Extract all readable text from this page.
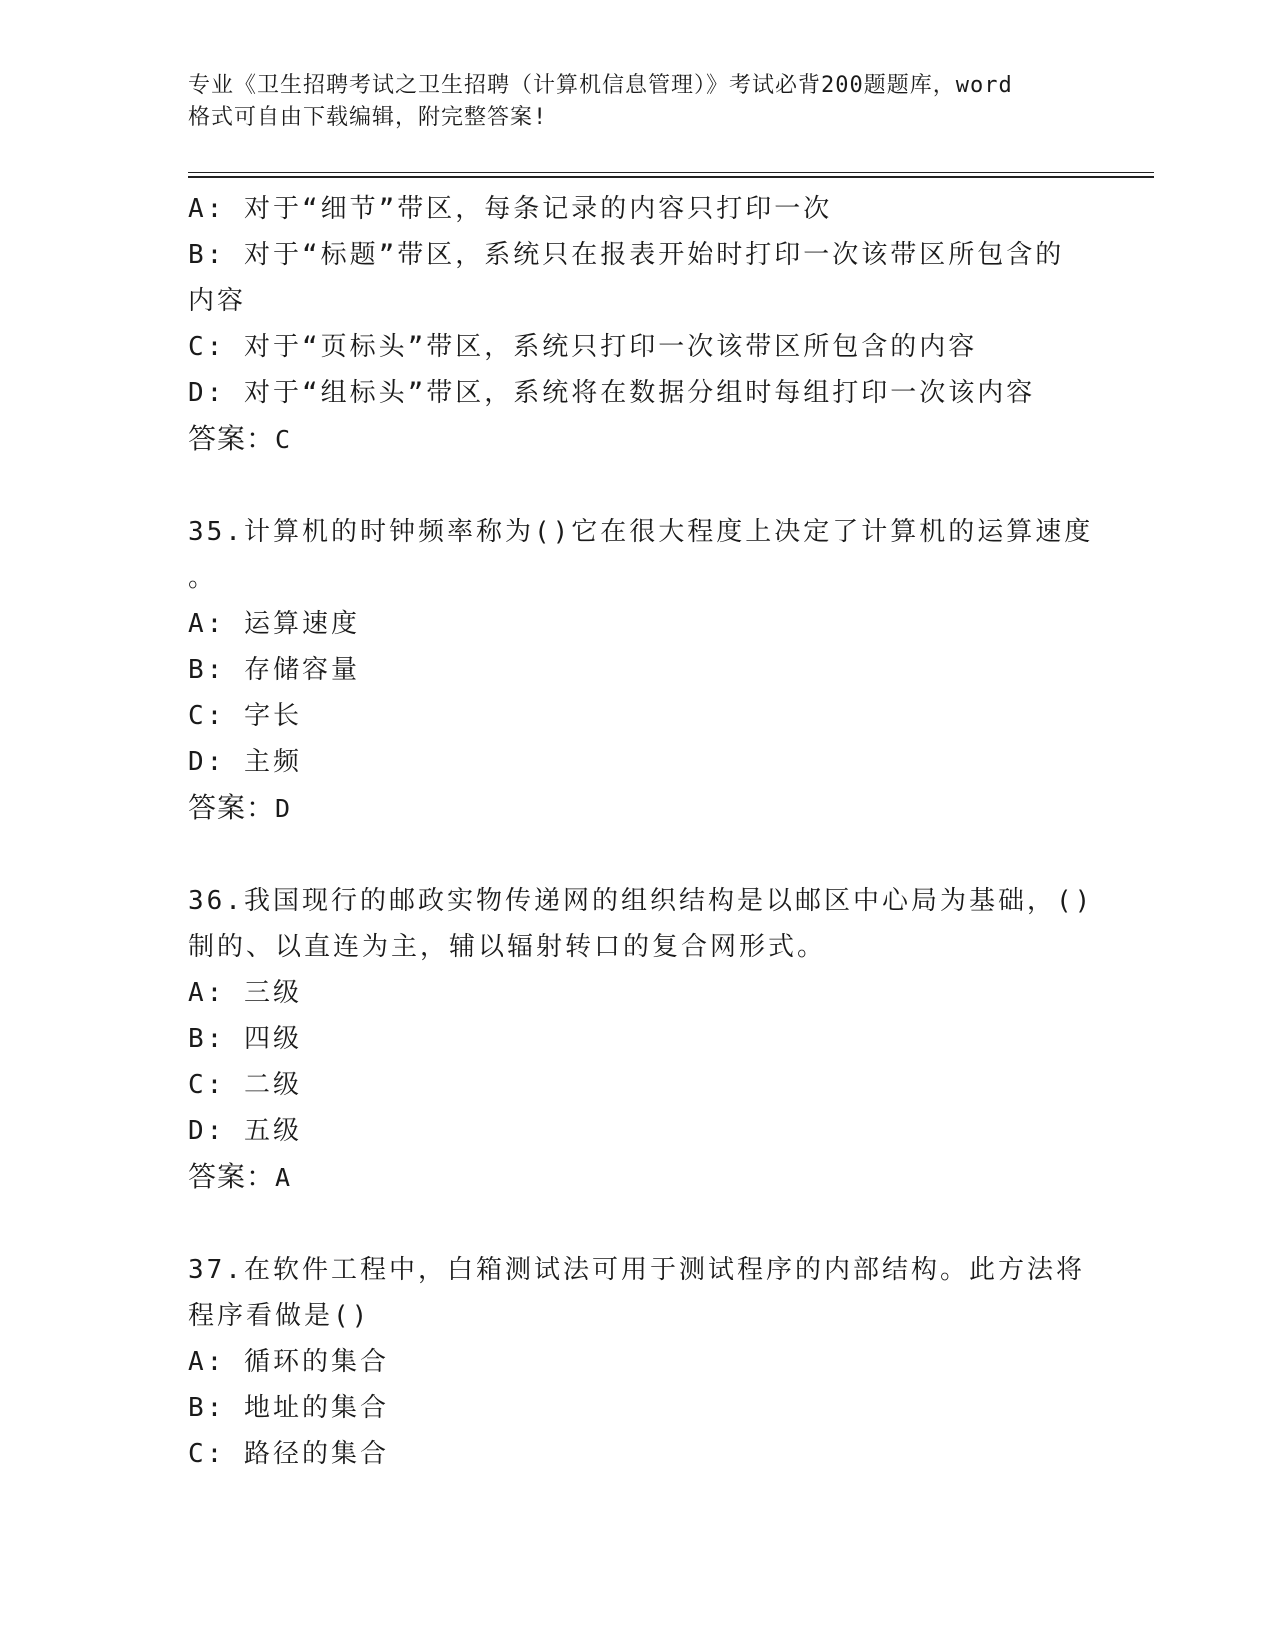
专业《卫生招聘考试之卫生招聘（计算机信息管理）》考试必背200题题库，word

格式可自由下载编辑，附完整答案!

A: 对于“细节”带区，每条记录的内容只打印一次

B: 对于“标题”带区，系统只在报表开始时打印一次该带区所包含的

内容

C: 对于“页标头”带区，系统只打印一次该带区所包含的内容

D: 对于“组标头”带区，系统将在数据分组时每组打印一次该内容

答案：C

35.计算机的时钟频率称为()它在很大程度上决定了计算机的运算速度

。

A: 运算速度

B: 存储容量

C: 字长

D: 主频

答案：D

36.我国现行的邮政实物传递网的组织结构是以邮区中心局为基础，()

制的、以直连为主，辅以辐射转口的复合网形式。

A: 三级

B: 四级

C: 二级

D: 五级

答案：A

37.在软件工程中，白箱测试法可用于测试程序的内部结构。此方法将

程序看做是()

A: 循环的集合

B: 地址的集合

C: 路径的集合
